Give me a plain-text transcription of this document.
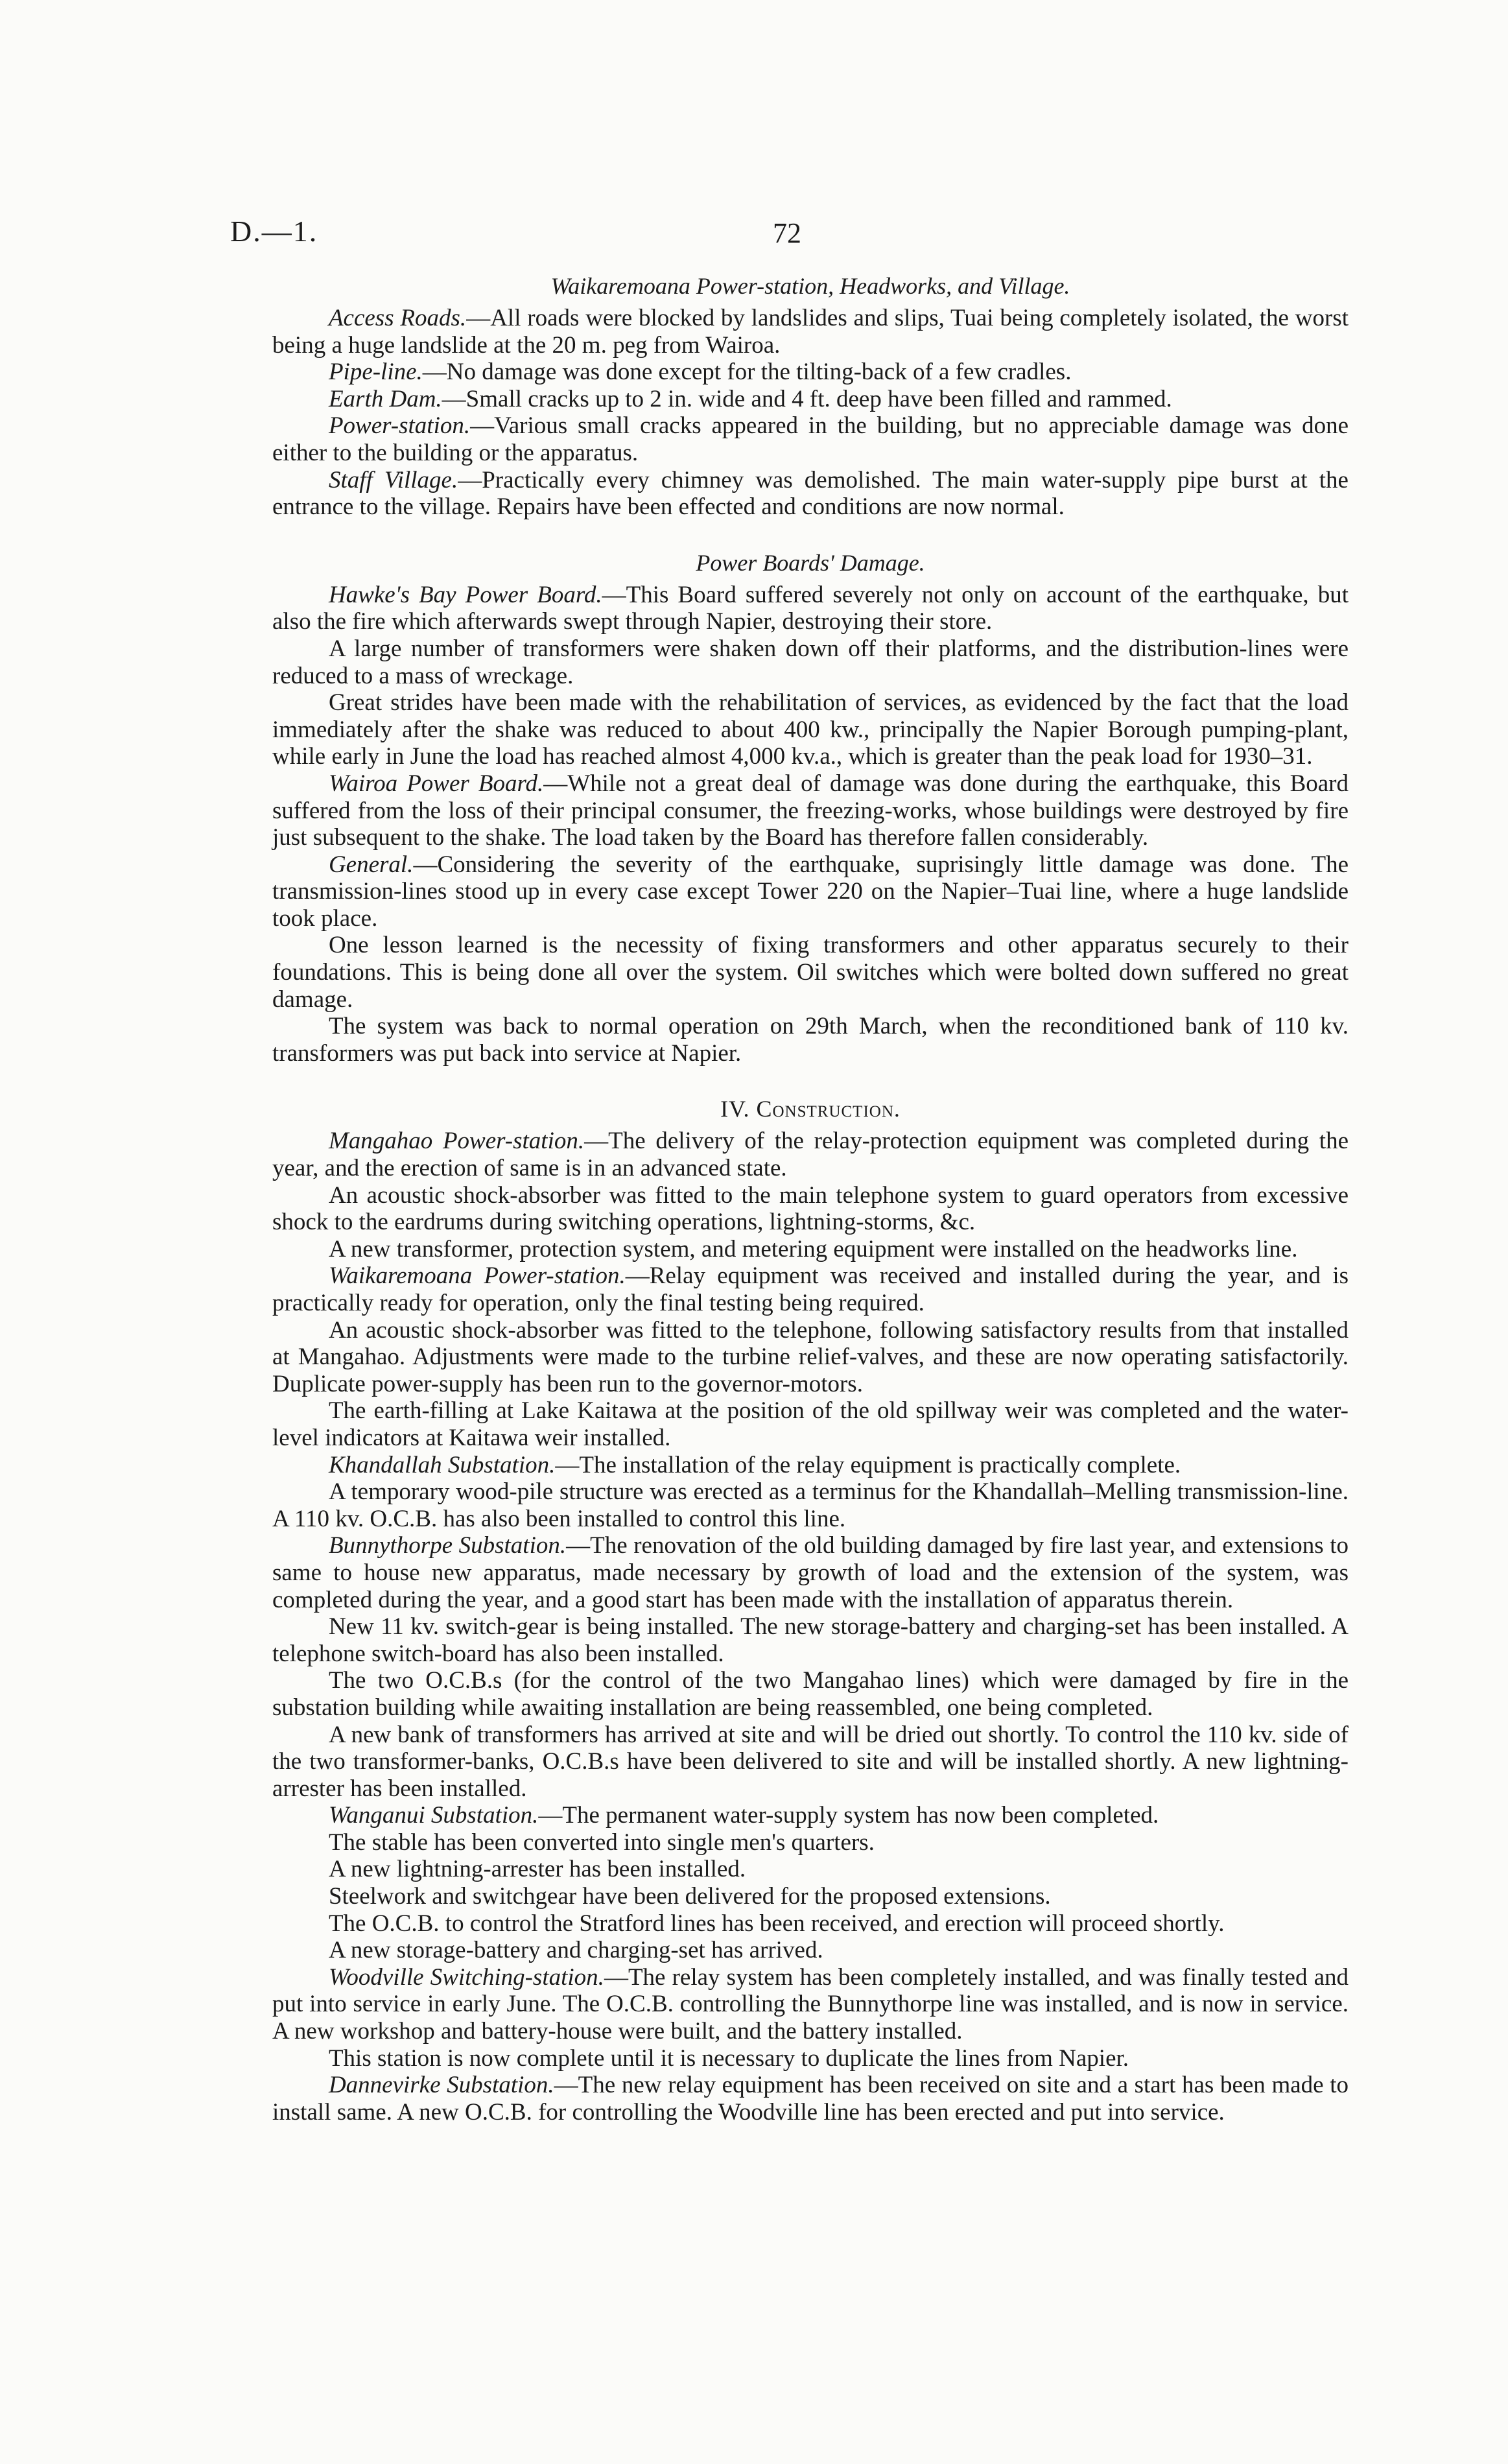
D.—1.	72
Waikaremoana Power-station, Headworks, and Village.

Access Roads.—All roads were blocked by landslides and slips, Tuai being completely isolated, the worst being a huge landslide at the 20 m. peg from Wairoa.

Pipe-line.—No damage was done except for the tilting-back of a few cradles.

Earth Dam.—Small cracks up to 2 in. wide and 4 ft. deep have been filled and rammed.

Power-station.—Various small cracks appeared in the building, but no appreciable damage was done either to the building or the apparatus.

Staff Village.—Practically every chimney was demolished. The main water-supply pipe burst at the entrance to the village. Repairs have been effected and conditions are now normal.

Power Boards' Damage.

Hawke's Bay Power Board.—This Board suffered severely not only on account of the earthquake, but also the fire which afterwards swept through Napier, destroying their store.

A large number of transformers were shaken down off their platforms, and the distribution-lines were reduced to a mass of wreckage.

Great strides have been made with the rehabilitation of services, as evidenced by the fact that the load immediately after the shake was reduced to about 400 kw., principally the Napier Borough pumping-plant, while early in June the load has reached almost 4,000 kv.a., which is greater than the peak load for 1930–31.

Wairoa Power Board.—While not a great deal of damage was done during the earthquake, this Board suffered from the loss of their principal consumer, the freezing-works, whose buildings were destroyed by fire just subsequent to the shake. The load taken by the Board has therefore fallen considerably.

General.—Considering the severity of the earthquake, suprisingly little damage was done. The transmission-lines stood up in every case except Tower 220 on the Napier–Tuai line, where a huge landslide took place.

One lesson learned is the necessity of fixing transformers and other apparatus securely to their foundations. This is being done all over the system. Oil switches which were bolted down suffered no great damage.

The system was back to normal operation on 29th March, when the reconditioned bank of 110 kv. transformers was put back into service at Napier.

IV. Construction.

Mangahao Power-station.—The delivery of the relay-protection equipment was completed during the year, and the erection of same is in an advanced state.

An acoustic shock-absorber was fitted to the main telephone system to guard operators from excessive shock to the eardrums during switching operations, lightning-storms, &c.

A new transformer, protection system, and metering equipment were installed on the headworks line.

Waikaremoana Power-station.—Relay equipment was received and installed during the year, and is practically ready for operation, only the final testing being required.

An acoustic shock-absorber was fitted to the telephone, following satisfactory results from that installed at Mangahao. Adjustments were made to the turbine relief-valves, and these are now operating satisfactorily. Duplicate power-supply has been run to the governor-motors.

The earth-filling at Lake Kaitawa at the position of the old spillway weir was completed and the water-level indicators at Kaitawa weir installed.

Khandallah Substation.—The installation of the relay equipment is practically complete.

A temporary wood-pile structure was erected as a terminus for the Khandallah–Melling transmission-line. A 110 kv. O.C.B. has also been installed to control this line.

Bunnythorpe Substation.—The renovation of the old building damaged by fire last year, and extensions to same to house new apparatus, made necessary by growth of load and the extension of the system, was completed during the year, and a good start has been made with the installation of apparatus therein.

New 11 kv. switch-gear is being installed. The new storage-battery and charging-set has been installed. A telephone switch-board has also been installed.

The two O.C.B.s (for the control of the two Mangahao lines) which were damaged by fire in the substation building while awaiting installation are being reassembled, one being completed.

A new bank of transformers has arrived at site and will be dried out shortly. To control the 110 kv. side of the two transformer-banks, O.C.B.s have been delivered to site and will be installed shortly. A new lightning-arrester has been installed.

Wanganui Substation.—The permanent water-supply system has now been completed.

The stable has been converted into single men's quarters.

A new lightning-arrester has been installed.

Steelwork and switchgear have been delivered for the proposed extensions.

The O.C.B. to control the Stratford lines has been received, and erection will proceed shortly.

A new storage-battery and charging-set has arrived.

Woodville Switching-station.—The relay system has been completely installed, and was finally tested and put into service in early June. The O.C.B. controlling the Bunnythorpe line was installed, and is now in service. A new workshop and battery-house were built, and the battery installed.

This station is now complete until it is necessary to duplicate the lines from Napier.

Dannevirke Substation.—The new relay equipment has been received on site and a start has been made to install same. A new O.C.B. for controlling the Woodville line has been erected and put into service.
